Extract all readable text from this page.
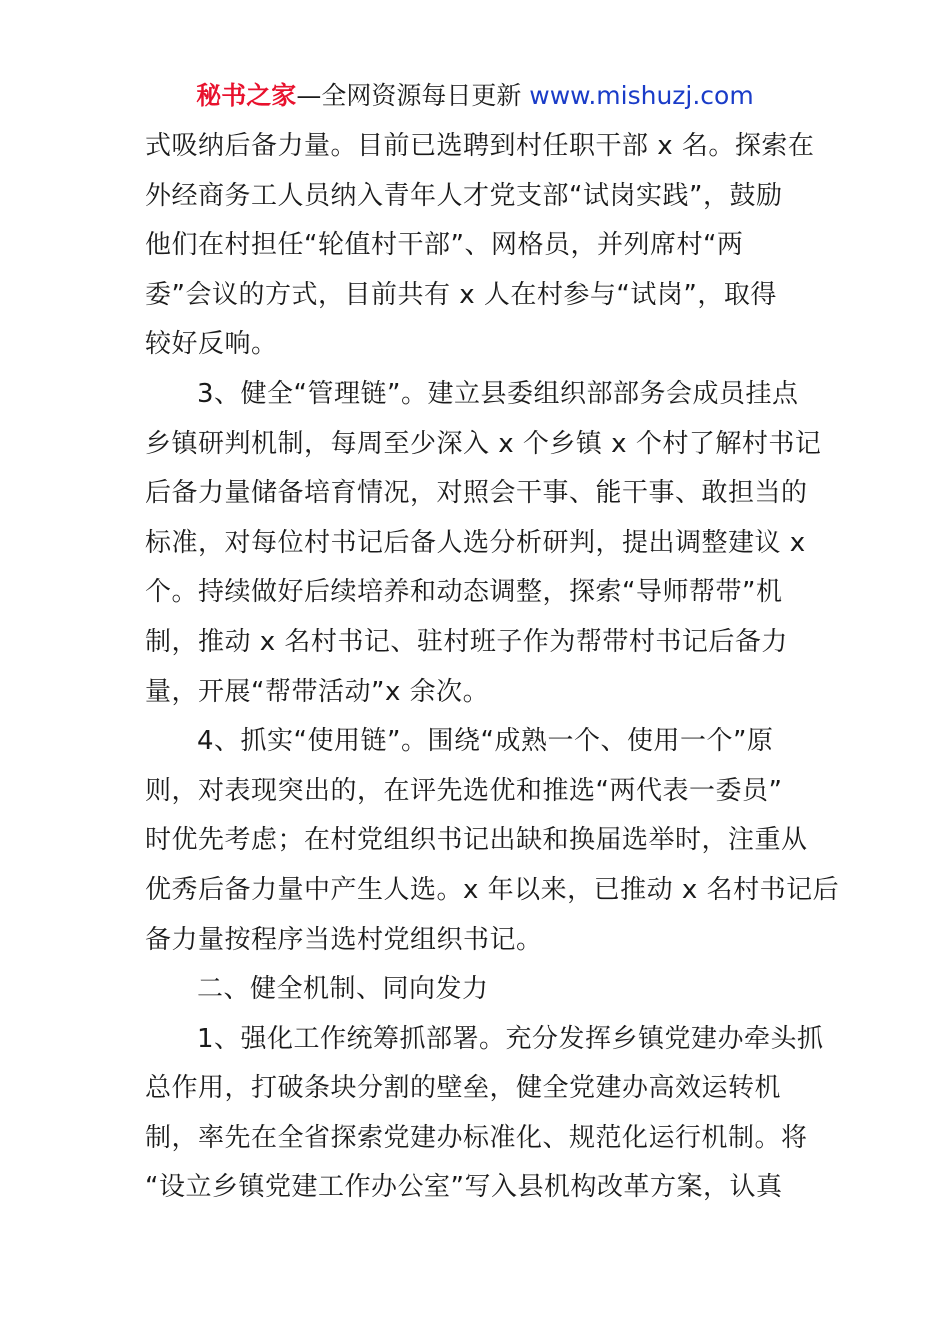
秘书之家—全网资源每日更新 www.mishuzj.com
式吸纳后备力量。目前已选聘到村任职干部 x 名。探索在
外经商务工人员纳入青年人才党支部“试岗实践”，鼓励
他们在村担任“轮值村干部”、网格员，并列席村“两
委”会议的方式，目前共有 x 人在村参与“试岗”，取得
较好反响。
3、健全“管理链”。建立县委组织部部务会成员挂点
乡镇研判机制，每周至少深入 x 个乡镇 x 个村了解村书记
后备力量储备培育情况，对照会干事、能干事、敢担当的
标准，对每位村书记后备人选分析研判，提出调整建议 x
个。持续做好后续培养和动态调整，探索“导师帮带”机
制，推动 x 名村书记、驻村班子作为帮带村书记后备力
量，开展“帮带活动”x 余次。
4、抓实“使用链”。围绕“成熟一个、使用一个”原
则，对表现突出的，在评先选优和推选“两代表一委员”
时优先考虑；在村党组织书记出缺和换届选举时，注重从
优秀后备力量中产生人选。x 年以来，已推动 x 名村书记后
备力量按程序当选村党组织书记。
二、健全机制、同向发力
1、强化工作统筹抓部署。充分发挥乡镇党建办牵头抓
总作用，打破条块分割的壁垒，健全党建办高效运转机
制，率先在全省探索党建办标准化、规范化运行机制。将
“设立乡镇党建工作办公室”写入县机构改革方案，认真
